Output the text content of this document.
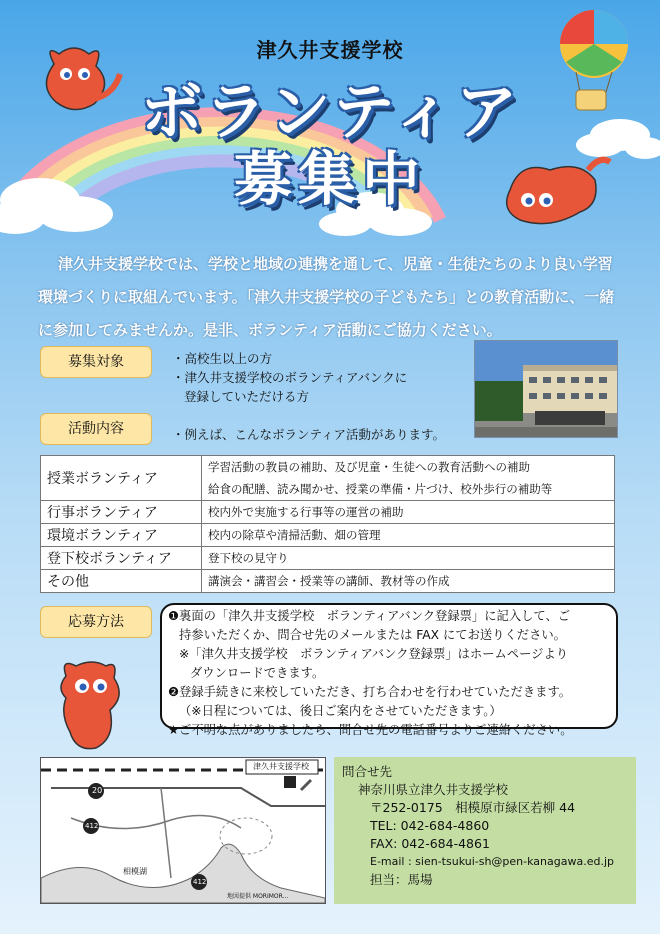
津久井支援学校
ボランティア
募集中
津久井支援学校では、学校と地域の連携を通して、児童・生徒たちのより良い学習環境づくりに取組んでいます。「津久井支援学校の子どもたち」との教育活動に、一緒に参加してみませんか。是非、ボランティア活動にご協力ください。
募集対象	・高校生以上の方
・津久井支援学校のボランティアバンクに
登録していただける方
活動内容	・例えば、こんなボランティア活動があります。
授業ボランティア	学習活動の教員の補助、及び児童・生徒への教育活動への補助
給食の配膳、読み聞かせ、授業の準備・片づけ、校外歩行の補助等

行事ボランティア	校内外で実施する行事等の運営の補助
環境ボランティア	校内の除草や清掃活動、畑の管理
登下校ボランティア	登下校の見守り
その他	講演会・講習会・授業等の講師、教材等の作成
応募方法	❶裏面の「津久井支援学校　ボランティアバンク登録票」に記入して、ご

持参いただくか、問合せ先のメールまたは FAX にてお送りください。

※「津久井支援学校　ボランティアバンク登録票」はホームページより

ダウンロードできます。

❷登録手続きに来校していただき、打ち合わせを行わせていただきます。

（※日程については、後日ご案内をさせていただきます。）

★ご不明な点がありましたら、問合せ先の電話番号よりご連絡ください。

津久井支援学校
20
412
412
相模湖
地図提供 MORIMOR...
問合せ先
神奈川県立津久井支援学校
〒252-0175　相模原市緑区若柳 44
TEL: 042-684-4860
FAX: 042-684-4861
E-mail : sien-tsukui-sh@pen-kanagawa.ed.jp
担当：馬場
